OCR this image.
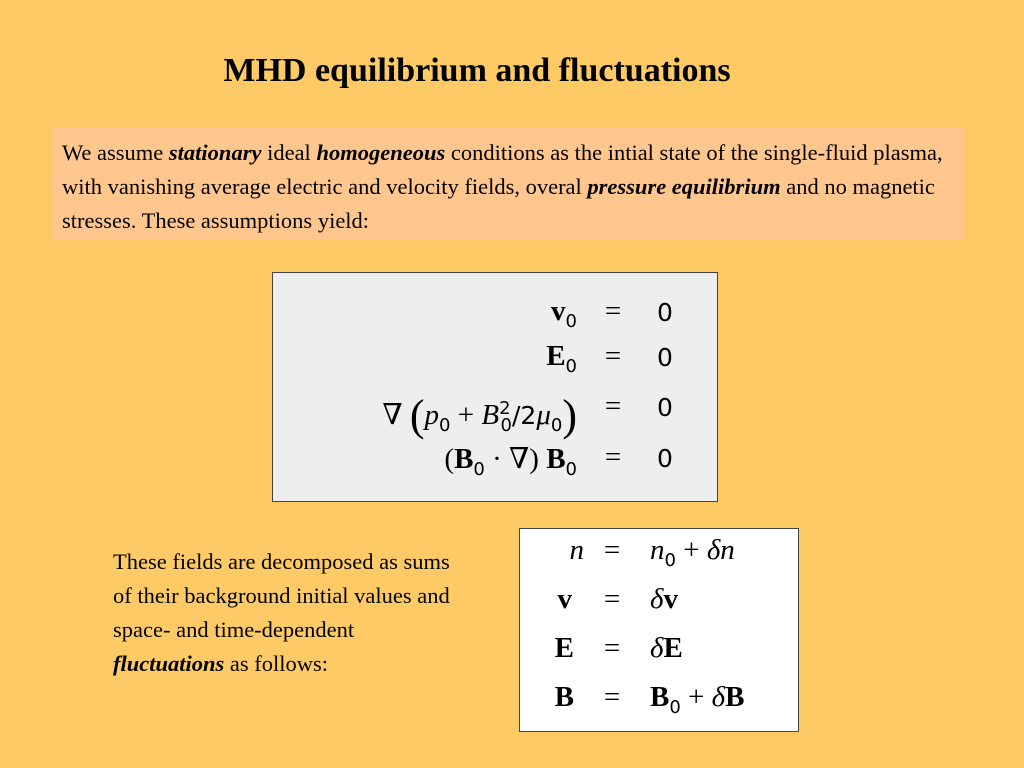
MHD equilibrium and fluctuations
We assume stationary ideal homogeneous conditions as the intial state of the single-fluid plasma, with vanishing average electric and velocity fields, overal pressure equilibrium and no magnetic stresses. These assumptions yield:
$v_0$ =	0
$E_0$ =	0
∇ $(p_0 + B^2_0/2\mu_0)$ =	0
($B_0$ · ∇) $B_0$ =	0
These fields are decomposed as sums of their background initial values and space- and time-dependent fluctuations as follows:
n =	$n_0 + \delta n$
v	=	δv
E	=	δE
B	=	$B_0 + \delta B$
